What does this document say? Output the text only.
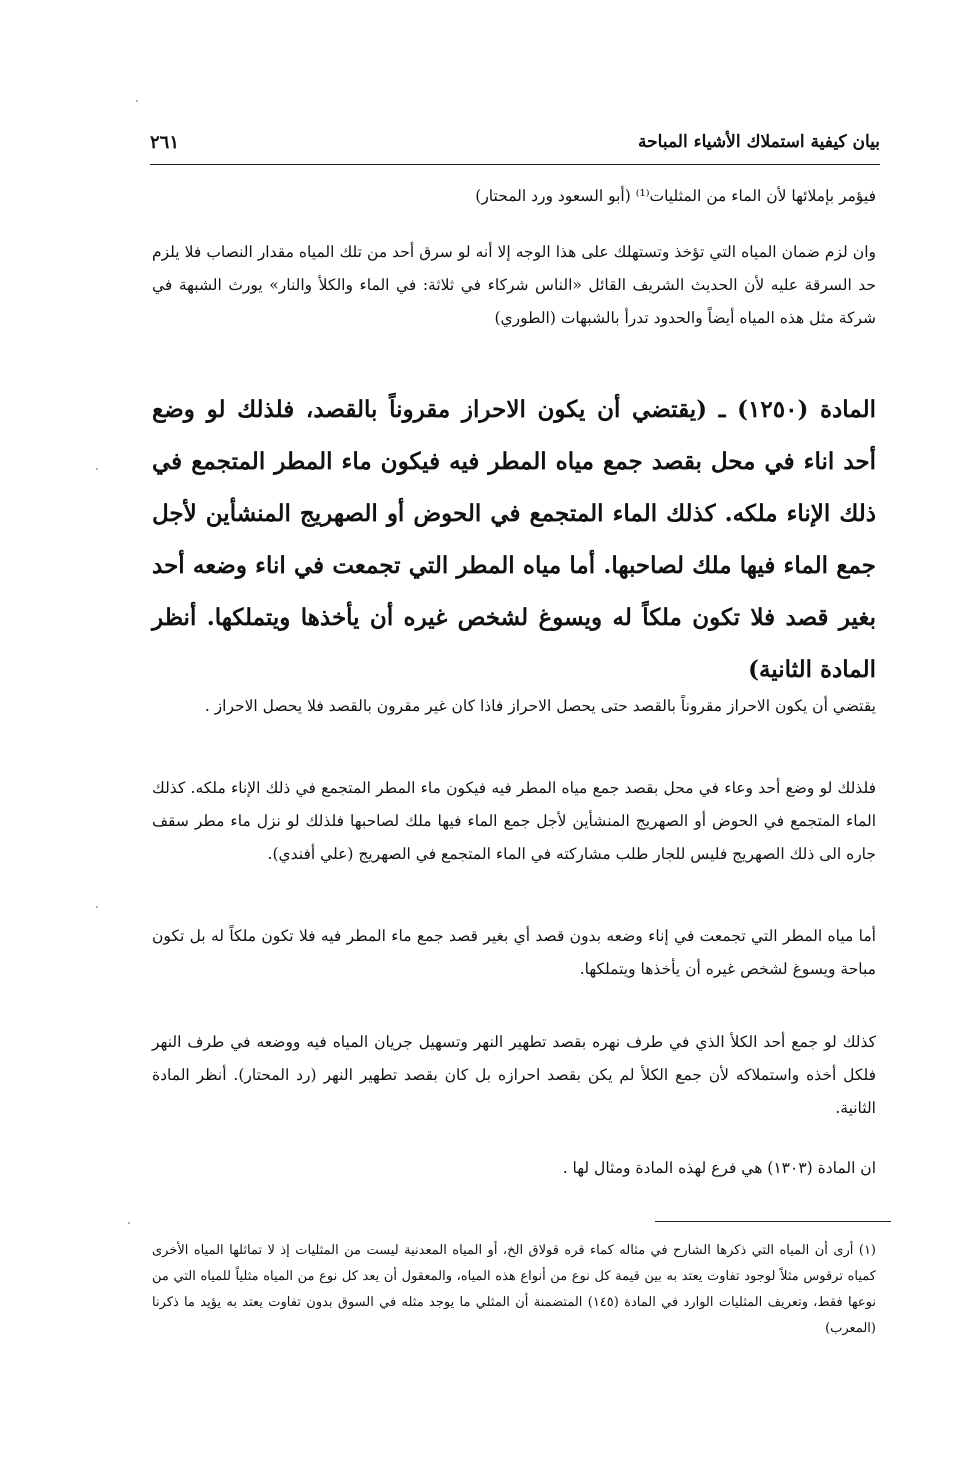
بيان كيفية استملاك الأشياء المباحة
٢٦١
فيؤمر بإملائها لأن الماء من المثليات⁽¹⁾ (أبو السعود ورد المحتار)
وان لزم ضمان المياه التي تؤخذ وتستهلك على هذا الوجه إلا أنه لو سرق أحد من تلك المياه مقدار النصاب فلا يلزم حد السرقة عليه لأن الحديث الشريف القائل «الناس شركاء في ثلاثة: في الماء والكلأ والنار» يورث الشبهة في شركة مثل هذه المياه أيضاً والحدود تدرأ بالشبهات (الطوري)
المادة (١٢٥٠) ـ (يقتضي أن يكون الاحراز مقروناً بالقصد، فلذلك لو وضع أحد اناء في محل بقصد جمع مياه المطر فيه فيكون ماء المطر المتجمع في ذلك الإناء ملكه. كذلك الماء المتجمع في الحوض أو الصهريج المنشأين لأجل جمع الماء فيها ملك لصاحبها. أما مياه المطر التي تجمعت في اناء وضعه أحد بغير قصد فلا تكون ملكاً له ويسوغ لشخص غيره أن يأخذها ويتملكها. أنظر المادة الثانية)
يقتضي أن يكون الاحراز مقروناً بالقصد حتى يحصل الاحراز فاذا كان غير مقرون بالقصد فلا يحصل الاحراز .
فلذلك لو وضع أحد وعاء في محل بقصد جمع مياه المطر فيه فيكون ماء المطر المتجمع في ذلك الإناء ملكه. كذلك الماء المتجمع في الحوض أو الصهريج المنشأين لأجل جمع الماء فيها ملك لصاحبها فلذلك لو نزل ماء مطر سقف جاره الى ذلك الصهريج فليس للجار طلب مشاركته في الماء المتجمع في الصهريج (علي أفندي).
أما مياه المطر التي تجمعت في إناء وضعه بدون قصد أي بغير قصد جمع ماء المطر فيه فلا تكون ملكاً له بل تكون مباحة ويسوغ لشخص غيره أن يأخذها ويتملكها.
كذلك لو جمع أحد الكلأ الذي في طرف نهره بقصد تطهير النهر وتسهيل جريان المياه فيه ووضعه في طرف النهر فلكل أخذه واستملاكه لأن جمع الكلأ لم يكن بقصد احرازه بل كان بقصد تطهير النهر (رد المحتار). أنظر المادة الثانية.
ان المادة (١٣٠٣) هي فرع لهذه المادة ومثال لها .
(١) أرى أن المياه التي ذكرها الشارح في مثاله كماء قره قولاق الخ، أو المياه المعدنية ليست من المثليات إذ لا تماثلها المياه الأخرى كمياه ترقوس مثلاً لوجود تفاوت يعتد به بين قيمة كل نوع من أنواع هذه المياه، والمعقول أن يعد كل نوع من المياه مثلياً للمياه التي من نوعها فقط، وتعريف المثليات الوارد في المادة (١٤٥) المتضمنة أن المثلي ما يوجد مثله في السوق بدون تفاوت يعتد به يؤيد ما ذكرنا (المعرب)
